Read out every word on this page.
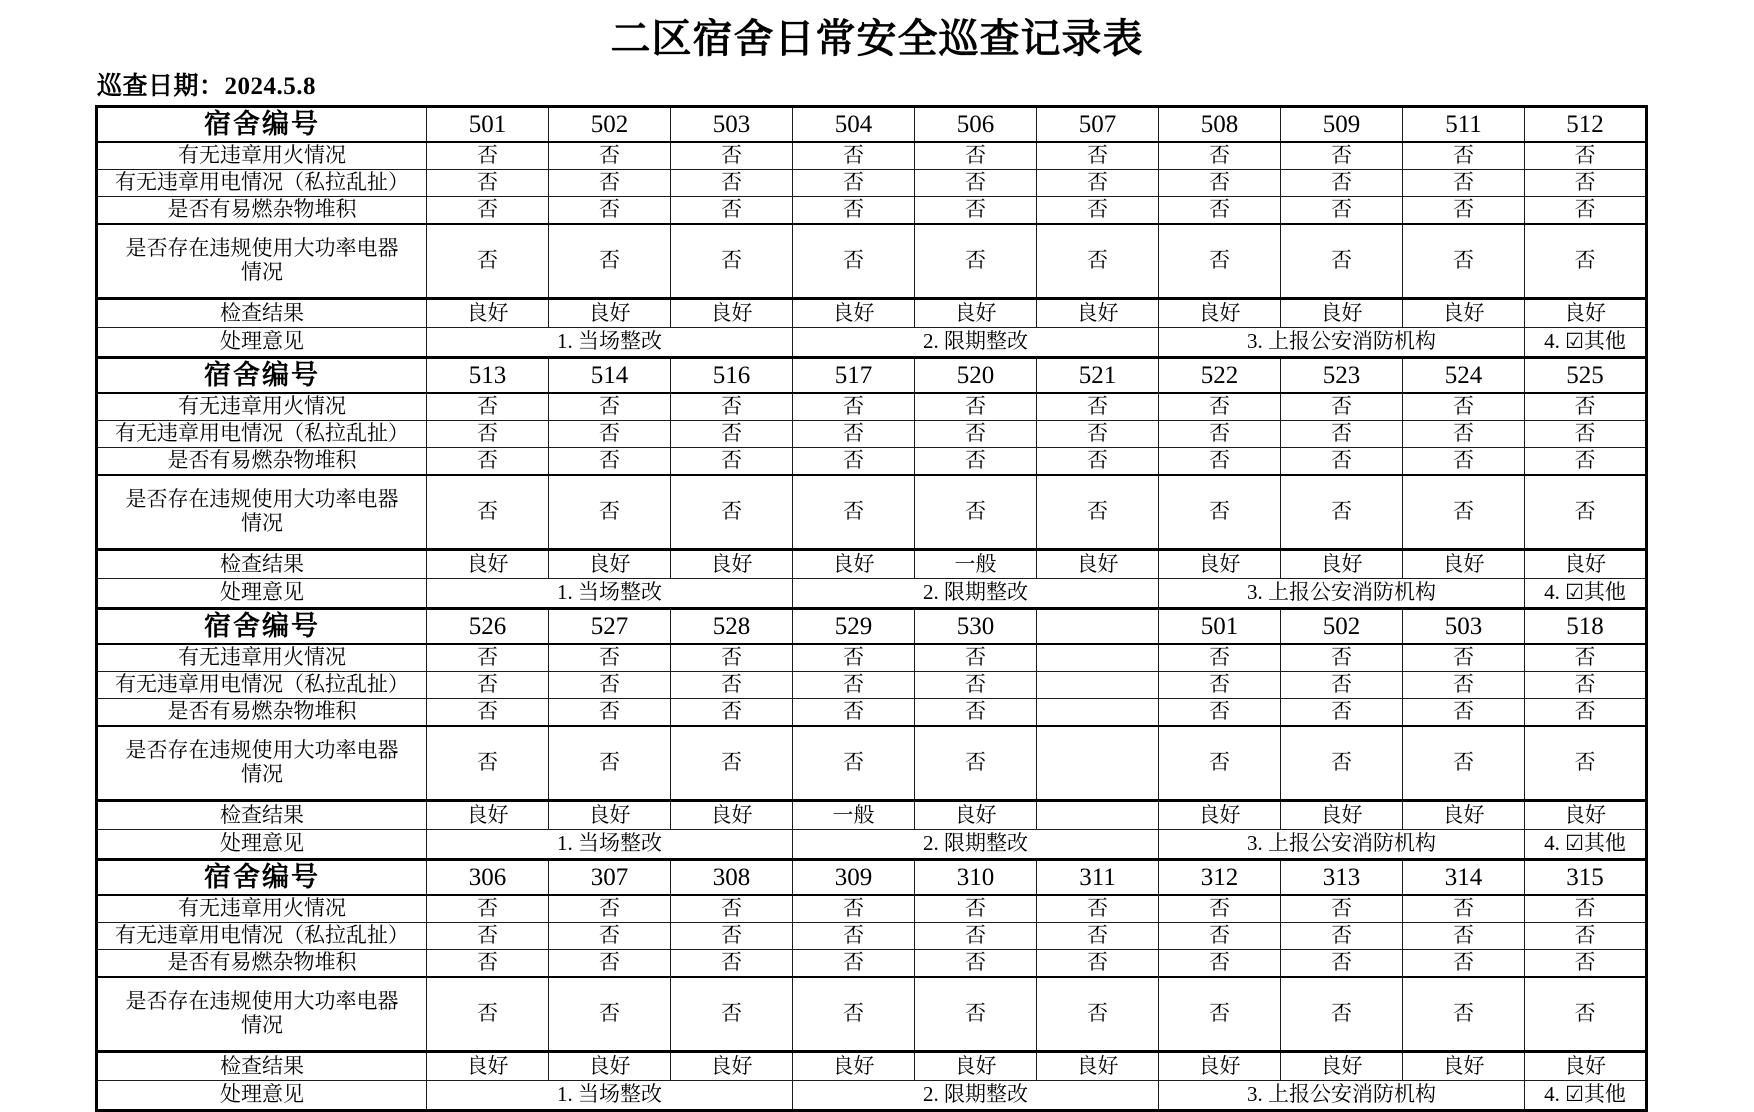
二区宿舍日常安全巡查记录表
巡查日期：2024.5.8
宿舍编号	501	502	503	504	506	507	508	509	511	512
有无违章用火情况	否	否	否	否	否	否	否	否	否	否
有无违章用电情况（私拉乱扯）	否	否	否	否	否	否	否	否	否	否
是否有易燃杂物堆积	否	否	否	否	否	否	否	否	否	否
是否存在违规使用大功率电器
情况	否	否	否	否	否	否	否	否	否	否
检查结果	良好	良好	良好	良好	良好	良好	良好	良好	良好	良好
处理意见	1. 当场整改			2. 限期整改			3. 上报公安消防机构			4. ☑其他
宿舍编号	513	514	516	517	520	521	522	523	524	525
有无违章用火情况	否	否	否	否	否	否	否	否	否	否
有无违章用电情况（私拉乱扯）	否	否	否	否	否	否	否	否	否	否
是否有易燃杂物堆积	否	否	否	否	否	否	否	否	否	否
是否存在违规使用大功率电器
情况	否	否	否	否	否	否	否	否	否	否
检查结果	良好	良好	良好	良好	一般	良好	良好	良好	良好	良好
处理意见	1. 当场整改			2. 限期整改			3. 上报公安消防机构			4. ☑其他
宿舍编号	526	527	528	529	530		501	502	503	518
有无违章用火情况	否	否	否	否	否		否	否	否	否
有无违章用电情况（私拉乱扯）	否	否	否	否	否		否	否	否	否
是否有易燃杂物堆积	否	否	否	否	否		否	否	否	否
是否存在违规使用大功率电器
情况	否	否	否	否	否		否	否	否	否
检查结果	良好	良好	良好	一般	良好		良好	良好	良好	良好
处理意见	1. 当场整改			2. 限期整改			3. 上报公安消防机构			4. ☑其他
宿舍编号	306	307	308	309	310	311	312	313	314	315
有无违章用火情况	否	否	否	否	否	否	否	否	否	否
有无违章用电情况（私拉乱扯）	否	否	否	否	否	否	否	否	否	否
是否有易燃杂物堆积	否	否	否	否	否	否	否	否	否	否
是否存在违规使用大功率电器
情况	否	否	否	否	否	否	否	否	否	否
检查结果	良好	良好	良好	良好	良好	良好	良好	良好	良好	良好
处理意见	1. 当场整改			2. 限期整改			3. 上报公安消防机构			4. ☑其他
